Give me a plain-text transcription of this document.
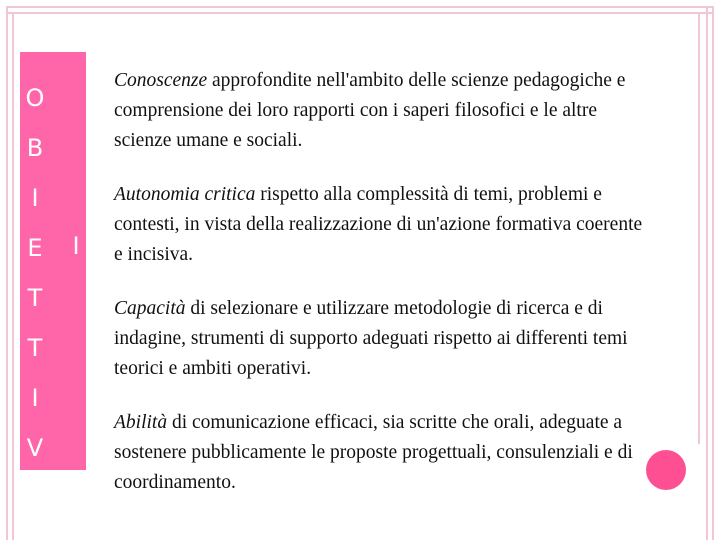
O
B
I
E
T
T
I
V
I

Conoscenze approfondite nell'ambito delle scienze pedagogiche e comprensione dei loro rapporti con i saperi filosofici e le altre scienze umane e sociali.

Autonomia critica rispetto alla complessità di temi, problemi e contesti, in vista della realizzazione di un'azione formativa coerente e incisiva.

Capacità di selezionare e utilizzare metodologie di ricerca e di indagine, strumenti di supporto adeguati rispetto ai differenti temi teorici e ambiti operativi.

Abilità di comunicazione efficaci, sia scritte che orali, adeguate a sostenere pubblicamente le proposte progettuali, consulenziali e di coordinamento.
